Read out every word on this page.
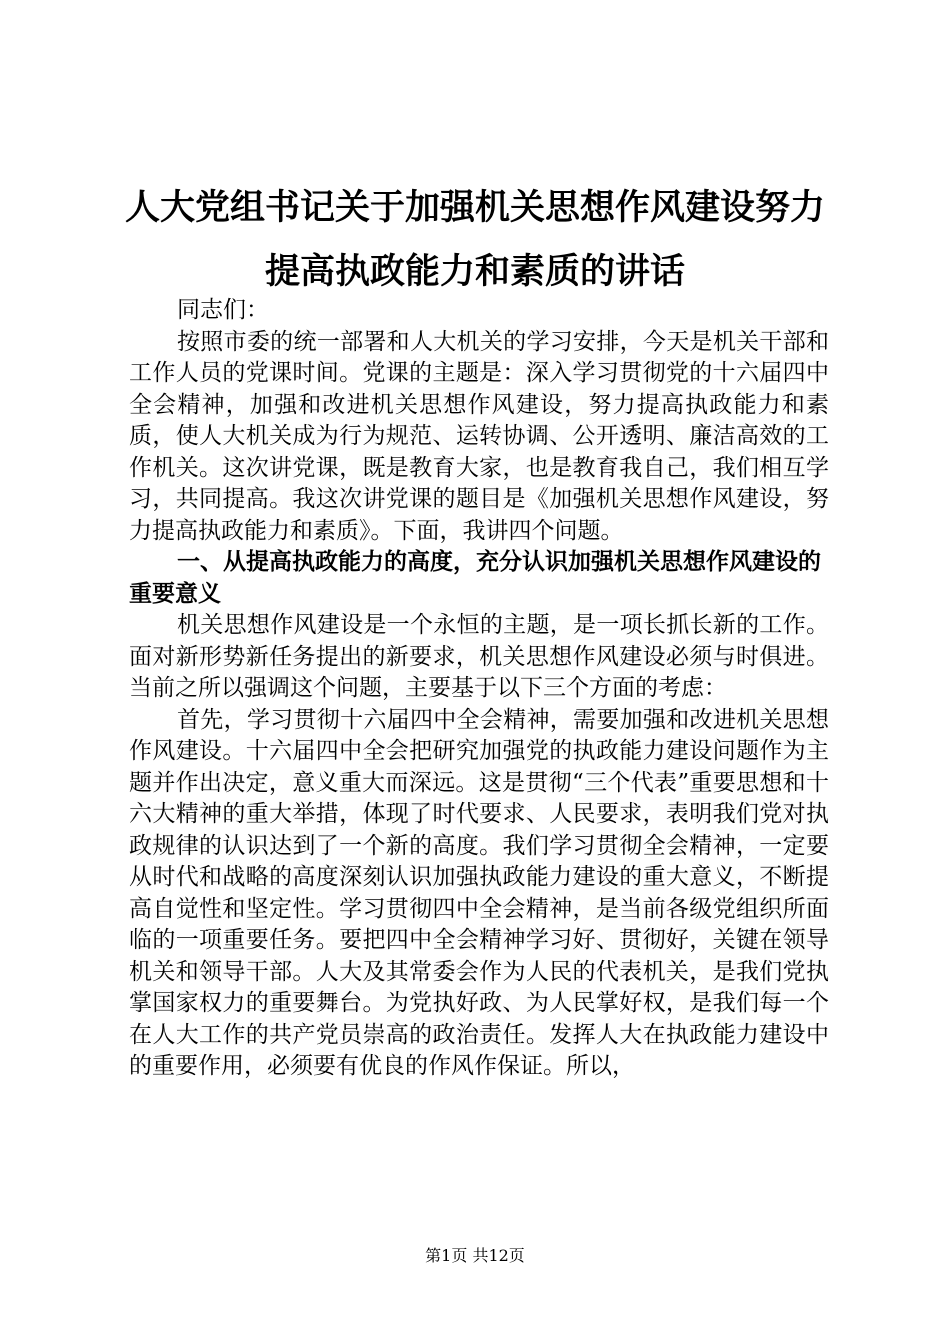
人大党组书记关于加强机关思想作风建设努力
提高执政能力和素质的讲话

同志们：

按照市委的统一部署和人大机关的学习安排，今天是机关干部和工作人员的党课时间。党课的主题是：深入学习贯彻党的十六届四中全会精神，加强和改进机关思想作风建设，努力提高执政能力和素质，使人大机关成为行为规范、运转协调、公开透明、廉洁高效的工作机关。这次讲党课，既是教育大家，也是教育我自己，我们相互学习，共同提高。我这次讲党课的题目是《加强机关思想作风建设，努力提高执政能力和素质》。下面，我讲四个问题。

一、从提高执政能力的高度，充分认识加强机关思想作风建设的重要意义

机关思想作风建设是一个永恒的主题，是一项长抓长新的工作。面对新形势新任务提出的新要求，机关思想作风建设必须与时俱进。当前之所以强调这个问题，主要基于以下三个方面的考虑：

首先，学习贯彻十六届四中全会精神，需要加强和改进机关思想作风建设。十六届四中全会把研究加强党的执政能力建设问题作为主题并作出决定，意义重大而深远。这是贯彻“三个代表”重要思想和十六大精神的重大举措，体现了时代要求、人民要求，表明我们党对执政规律的认识达到了一个新的高度。我们学习贯彻全会精神，一定要从时代和战略的高度深刻认识加强执政能力建设的重大意义，不断提高自觉性和坚定性。学习贯彻四中全会精神，是当前各级党组织所面临的一项重要任务。要把四中全会精神学习好、贯彻好，关键在领导机关和领导干部。人大及其常委会作为人民的代表机关，是我们党执掌国家权力的重要舞台。为党执好政、为人民掌好权，是我们每一个在人大工作的共产党员崇高的政治责任。发挥人大在执政能力建设中的重要作用，必须要有优良的作风作保证。所以，

第1页 共12页
